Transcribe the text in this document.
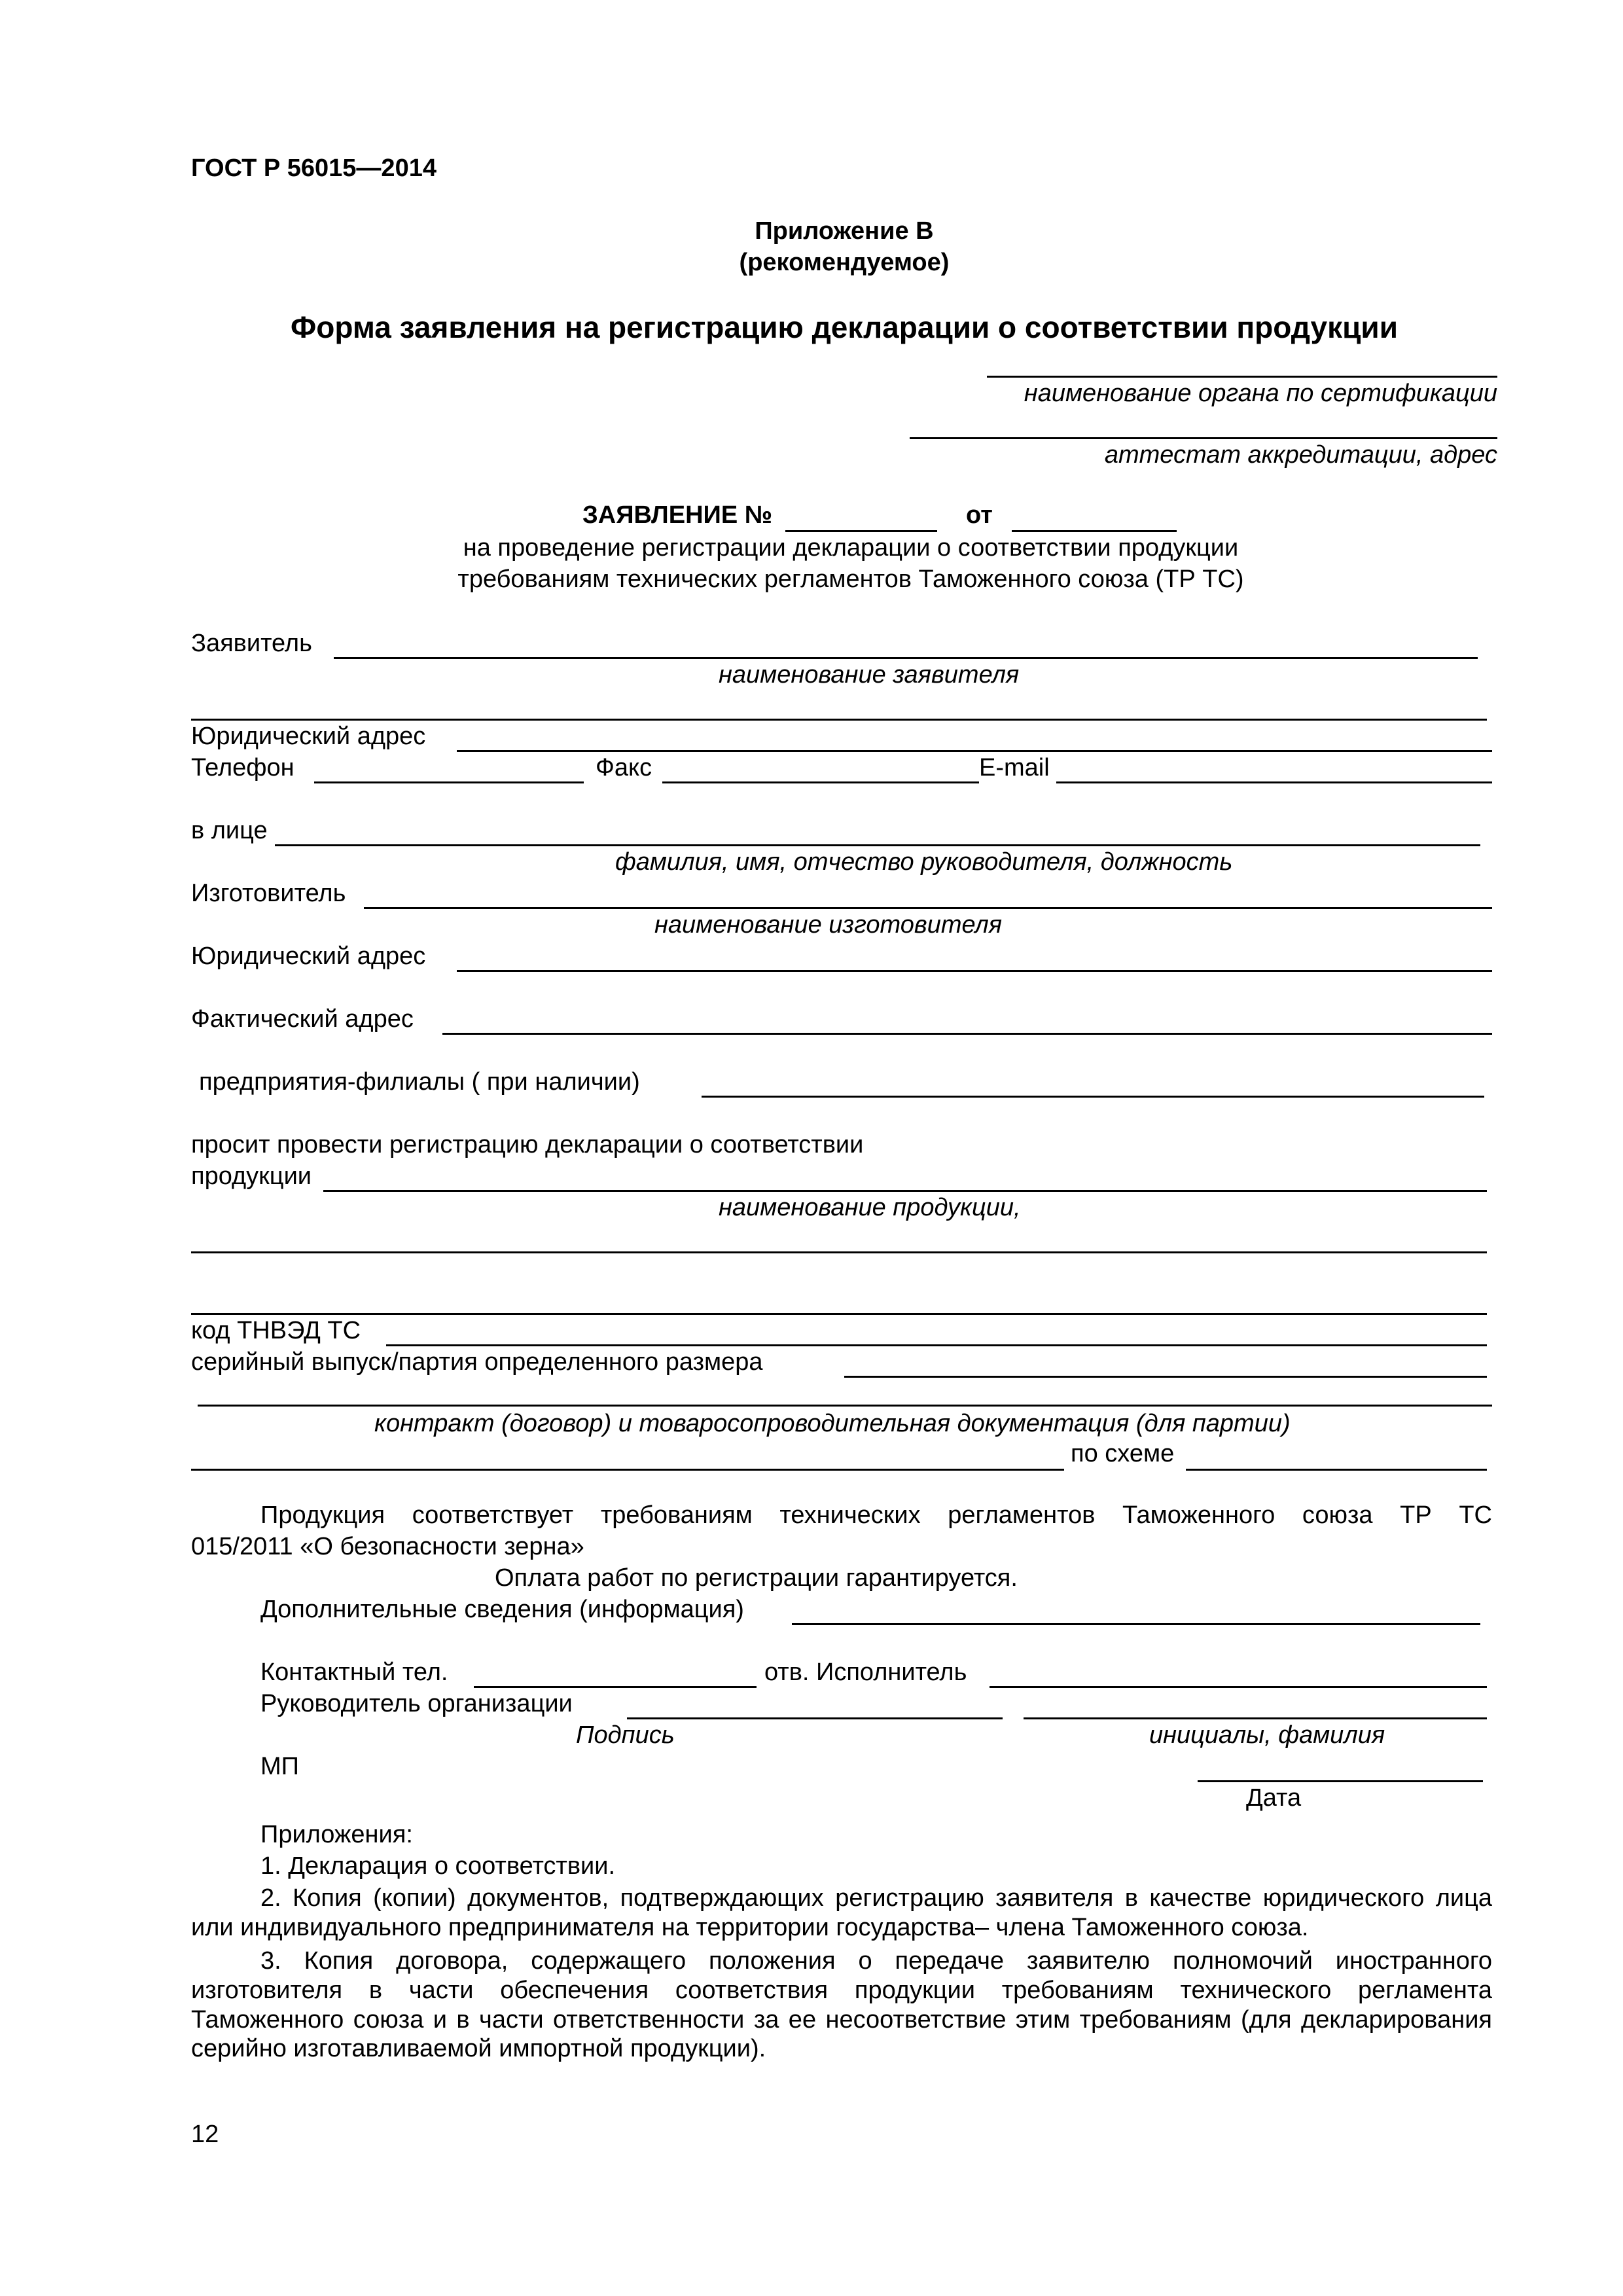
ГОСТ Р 56015—2014
Приложение В
(рекомендуемое)
Форма заявления на регистрацию декларации о соответствии продукции
наименование органа по сертификации
аттестат аккредитации, адрес
ЗАЯВЛЕНИЕ №	от
на проведение регистрации декларации о соответствии продукции
требованиям технических регламентов Таможенного союза (ТР ТС)
Заявитель
наименование заявителя
Юридический адрес
Телефон	Факс	E-mail
в лице
фамилия, имя, отчество руководителя, должность
Изготовитель
наименование изготовителя
Юридический адрес
Фактический адрес
предприятия-филиалы ( при наличии)
просит провести регистрацию декларации о соответствии
продукции
наименование продукции,
код ТНВЭД ТС
серийный выпуск/партия определенного размера
контракт (договор) и товаросопроводительная документация (для партии)
по схеме
Продукция соответствует требованиям технических регламентов Таможенного союза ТР ТС
015/2011 «О безопасности зерна»
Оплата работ по регистрации гарантируется.
Дополнительные сведения (информация)
Контактный тел.	отв. Исполнитель
Руководитель организации
Подпись	инициалы, фамилия
МП
Дата
Приложения:
1. Декларация о соответствии.
2. Копия (копии) документов, подтверждающих регистрацию заявителя в качестве юридического лица или индивидуального предпринимателя на территории государства– члена Таможенного союза.
3. Копия договора, содержащего положения о передаче заявителю полномочий иностранного изготовителя в части обеспечения соответствия продукции требованиям технического регламента Таможенного союза и в части ответственности за ее несоответствие этим требованиям (для декларирования серийно изготавливаемой импортной продукции).
12
